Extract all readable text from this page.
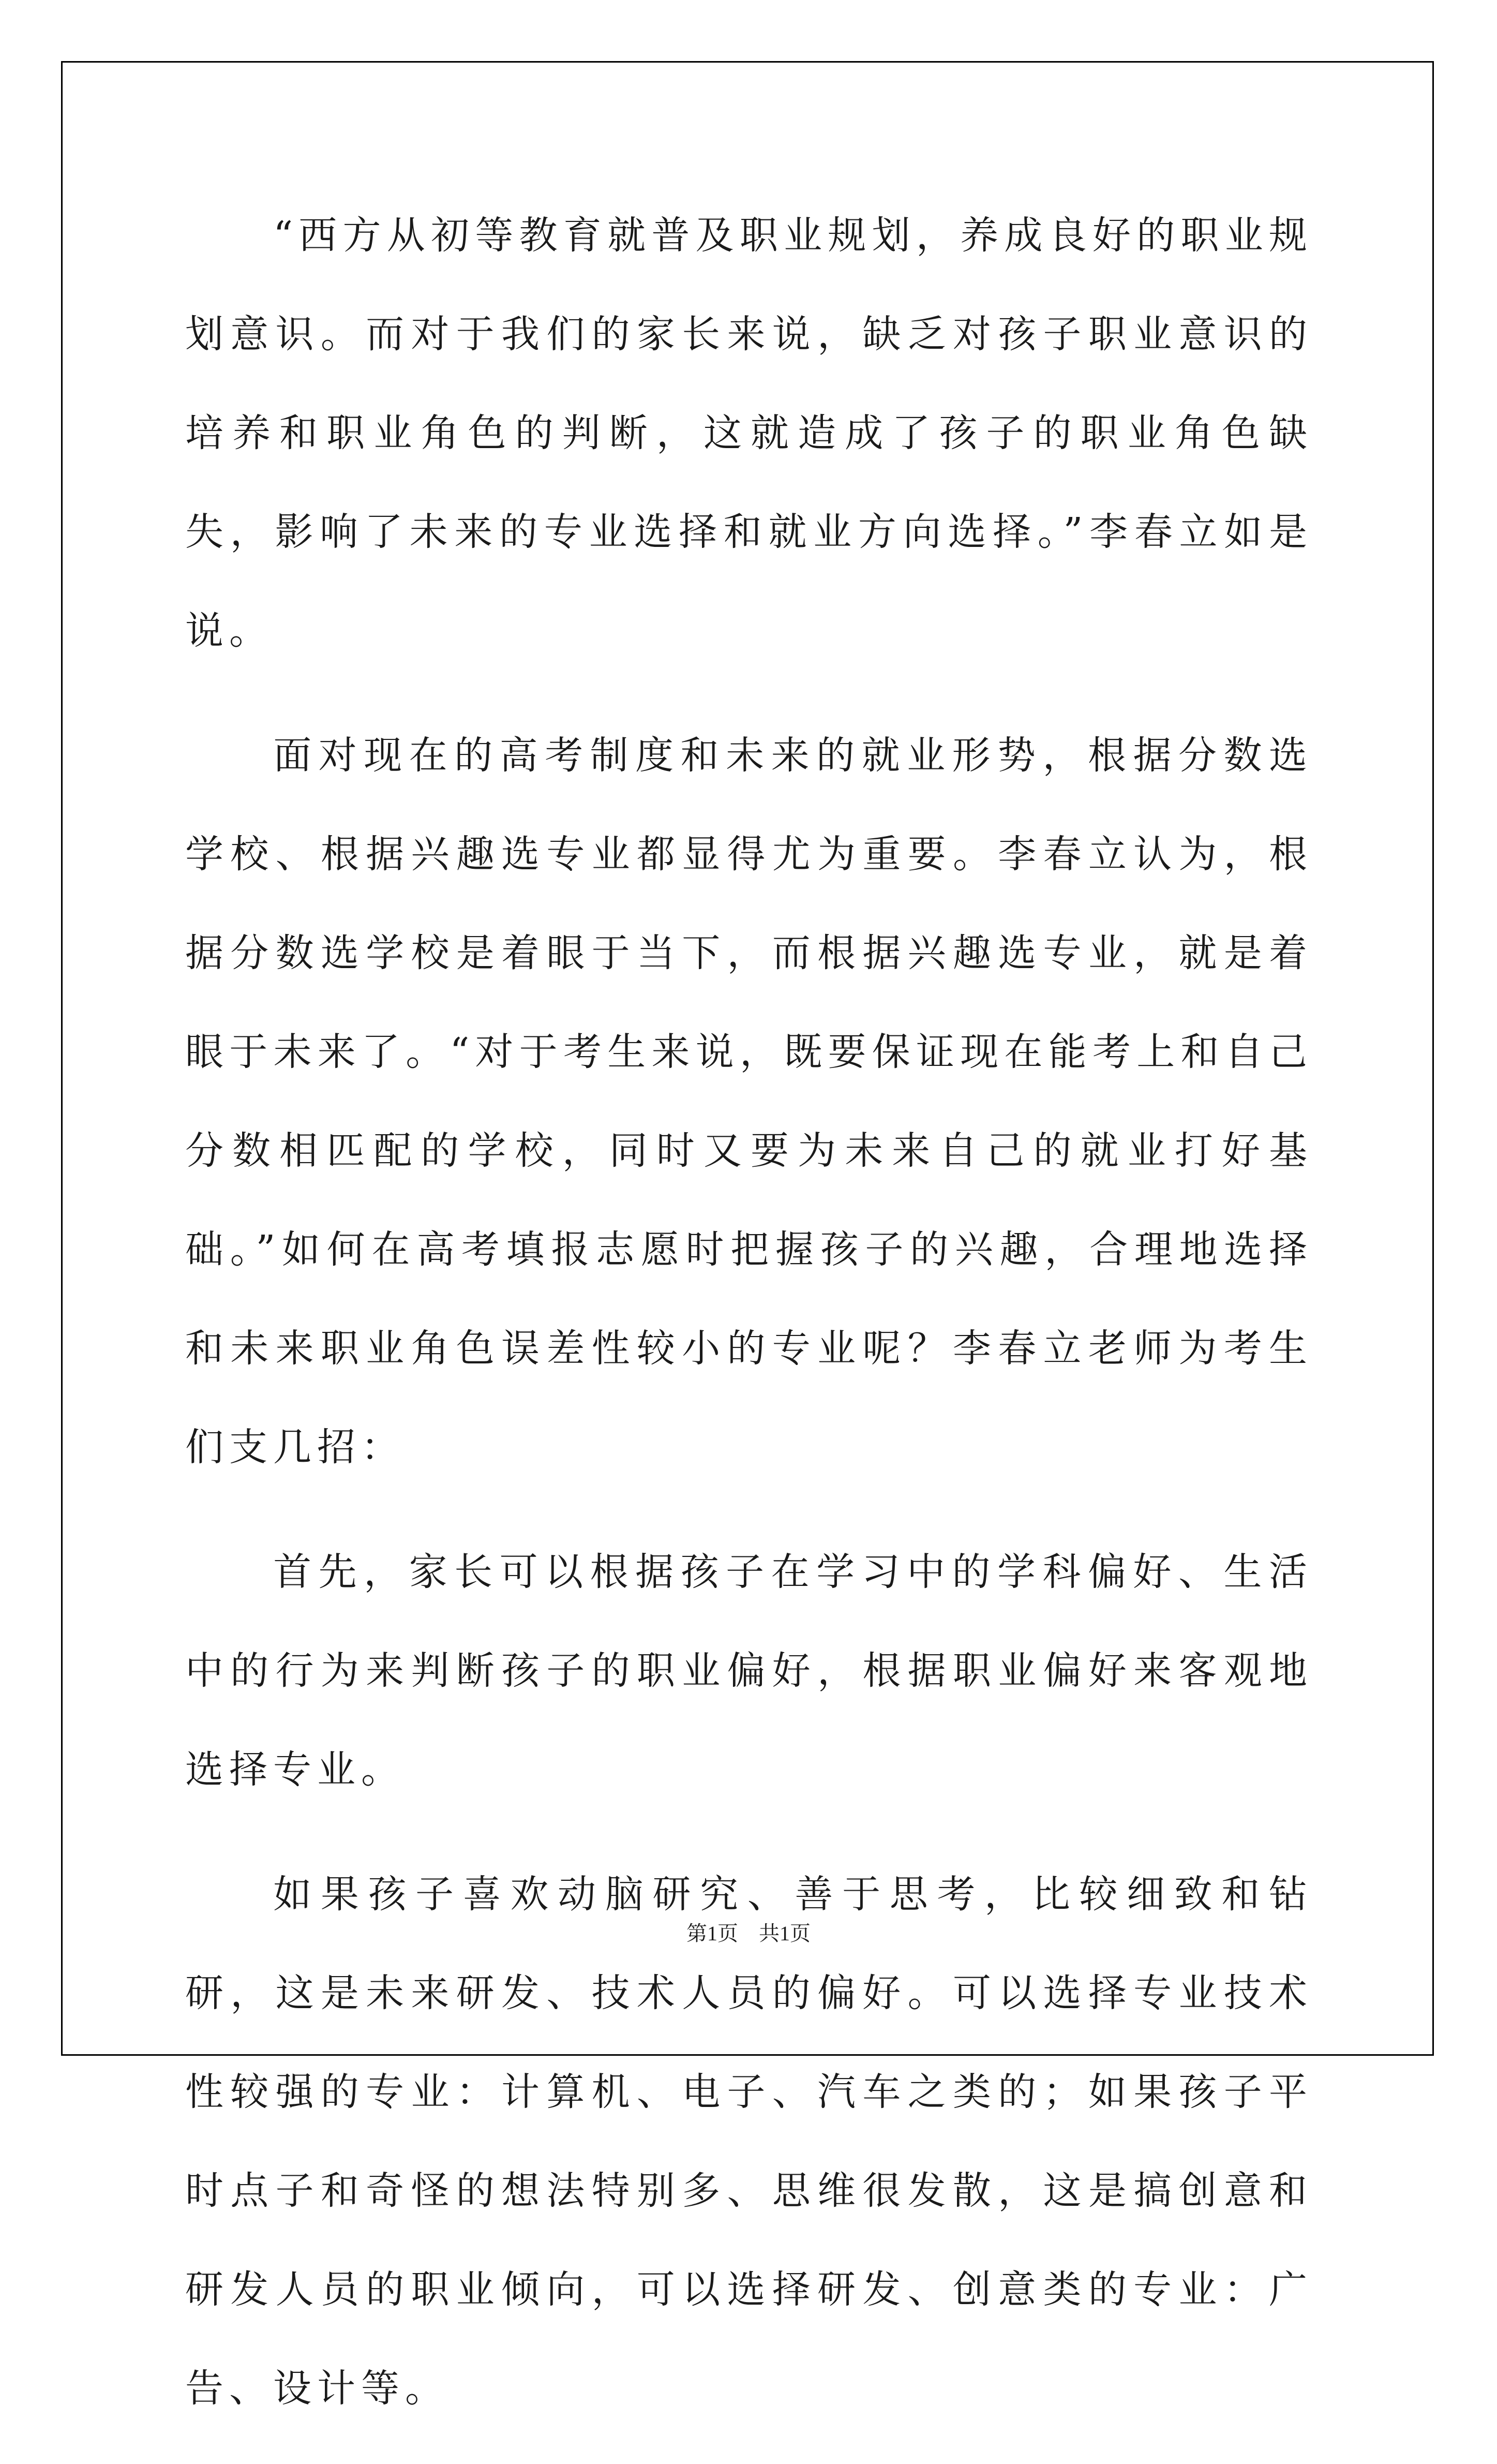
“西方从初等教育就普及职业规划，养成良好的职业规划意识。而对于我们的家长来说，缺乏对孩子职业意识的培养和职业角色的判断，这就造成了孩子的职业角色缺失，影响了未来的专业选择和就业方向选择。”李春立如是说。

面对现在的高考制度和未来的就业形势，根据分数选学校、根据兴趣选专业都显得尤为重要。李春立认为，根据分数选学校是着眼于当下，而根据兴趣选专业，就是着眼于未来了。“对于考生来说，既要保证现在能考上和自己分数相匹配的学校，同时又要为未来自己的就业打好基础。”如何在高考填报志愿时把握孩子的兴趣，合理地选择和未来职业角色误差性较小的专业呢？李春立老师为考生们支几招：

首先，家长可以根据孩子在学习中的学科偏好、生活中的行为来判断孩子的职业偏好，根据职业偏好来客观地选择专业。

如果孩子喜欢动脑研究、善于思考，比较细致和钻研，这是未来研发、技术人员的偏好。可以选择专业技术性较强的专业：计算机、电子、汽车之类的；如果孩子平时点子和奇怪的想法特别多、思维很发散，这是搞创意和研发人员的职业倾向，可以选择研发、创意类的专业：广告、设计等。

第1页　共1页
